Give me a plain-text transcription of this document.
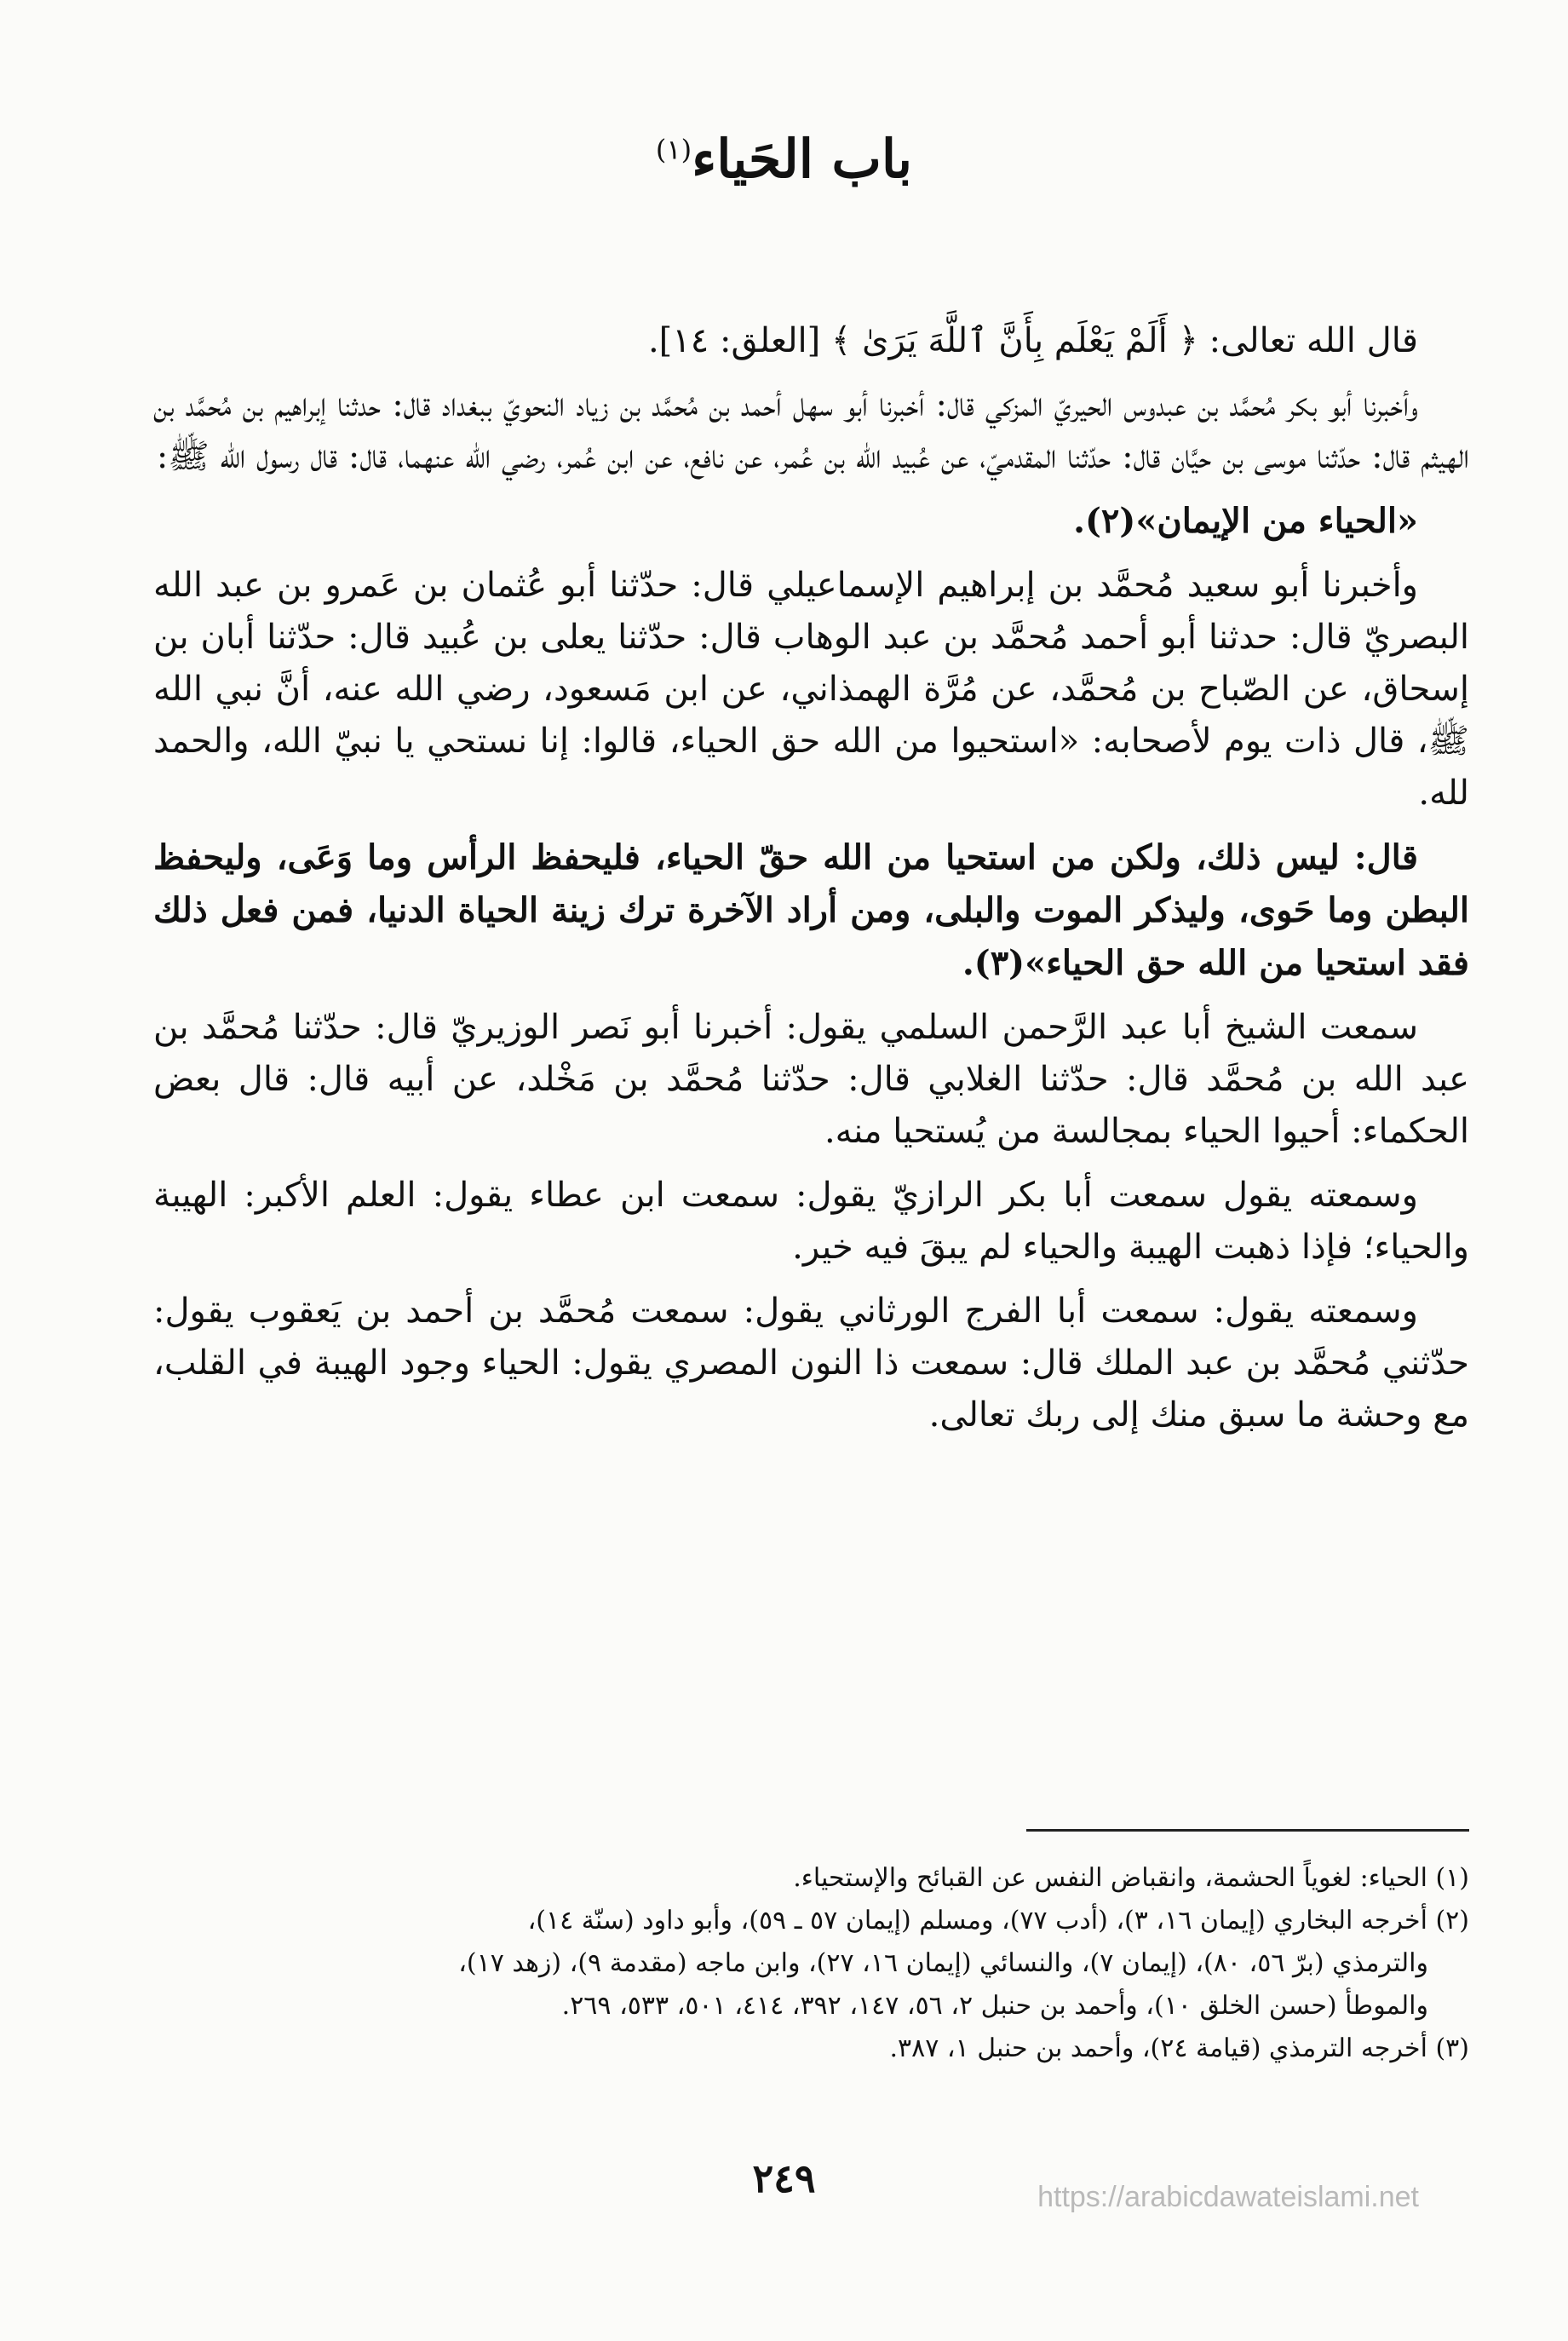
باب الحَياء$^{(١)}$

قال الله تعالى: ﴿ أَلَمْ يَعْلَم بِأَنَّ ٱللَّهَ يَرَىٰ ﴾ [العلق: ١٤].

وأخبرنا أبو بكر مُحمَّد بن عبدوس الحيريّ المزكي قال: أخبرنا أبو سهل أحمد بن مُحمَّد بن زياد النحويّ ببغداد قال: حدثنا إبراهيم بن مُحمَّد بن الهيثم قال: حدّثنا موسى بن حيَّان قال: حدّثنا المقدميّ، عن عُبيد الله بن عُمر، عن نافع، عن ابن عُمر، رضي الله عنهما، قال: قال رسول الله ﷺ:

«الحياء من الإيمان»(٢).

وأخبرنا أبو سعيد مُحمَّد بن إبراهيم الإسماعيلي قال: حدّثنا أبو عُثمان بن عَمرو بن عبد الله البصريّ قال: حدثنا أبو أحمد مُحمَّد بن عبد الوهاب قال: حدّثنا يعلى بن عُبيد قال: حدّثنا أبان بن إسحاق، عن الصّباح بن مُحمَّد، عن مُرَّة الهمذاني، عن ابن مَسعود، رضي الله عنه، أنَّ نبي الله ﷺ، قال ذات يوم لأصحابه: «استحيوا من الله حق الحياء، قالوا: إنا نستحي يا نبيّ الله، والحمد لله.

قال: ليس ذلك، ولكن من استحيا من الله حقّ الحياء، فليحفظ الرأس وما وَعَى، وليحفظ البطن وما حَوى، وليذكر الموت والبلى، ومن أراد الآخرة ترك زينة الحياة الدنيا، فمن فعل ذلك فقد استحيا من الله حق الحياء»(٣).

سمعت الشيخ أبا عبد الرَّحمن السلمي يقول: أخبرنا أبو نَصر الوزيريّ قال: حدّثنا مُحمَّد بن عبد الله بن مُحمَّد قال: حدّثنا الغلابي قال: حدّثنا مُحمَّد بن مَخْلد، عن أبيه قال: قال بعض الحكماء: أحيوا الحياء بمجالسة من يُستحيا منه.

وسمعته يقول سمعت أبا بكر الرازيّ يقول: سمعت ابن عطاء يقول: العلم الأكبر: الهيبة والحياء؛ فإذا ذهبت الهيبة والحياء لم يبقَ فيه خير.

وسمعته يقول: سمعت أبا الفرج الورثاني يقول: سمعت مُحمَّد بن أحمد بن يَعقوب يقول: حدّثني مُحمَّد بن عبد الملك قال: سمعت ذا النون المصري يقول: الحياء وجود الهيبة في القلب، مع وحشة ما سبق منك إلى ربك تعالى.

(١) الحياء: لغوياً الحشمة، وانقباض النفس عن القبائح والإستحياء.

(٢) أخرجه البخاري (إيمان ١٦، ٣)، (أدب ٧٧)، ومسلم (إيمان ٥٧ ـ ٥٩)، وأبو داود (سنّة ١٤)،

والترمذي (برّ ٥٦، ٨٠)، (إيمان ٧)، والنسائي (إيمان ١٦، ٢٧)، وابن ماجه (مقدمة ٩)، (زهد ١٧)،

والموطأ (حسن الخلق ١٠)، وأحمد بن حنبل ٢، ٥٦، ١٤٧، ٣٩٢، ٤١٤، ٥٠١، ٥٣٣، ٢٦٩.

(٣) أخرجه الترمذي (قيامة ٢٤)، وأحمد بن حنبل ١، ٣٨٧.

٢٤٩	https://arabicdawateislami.net
